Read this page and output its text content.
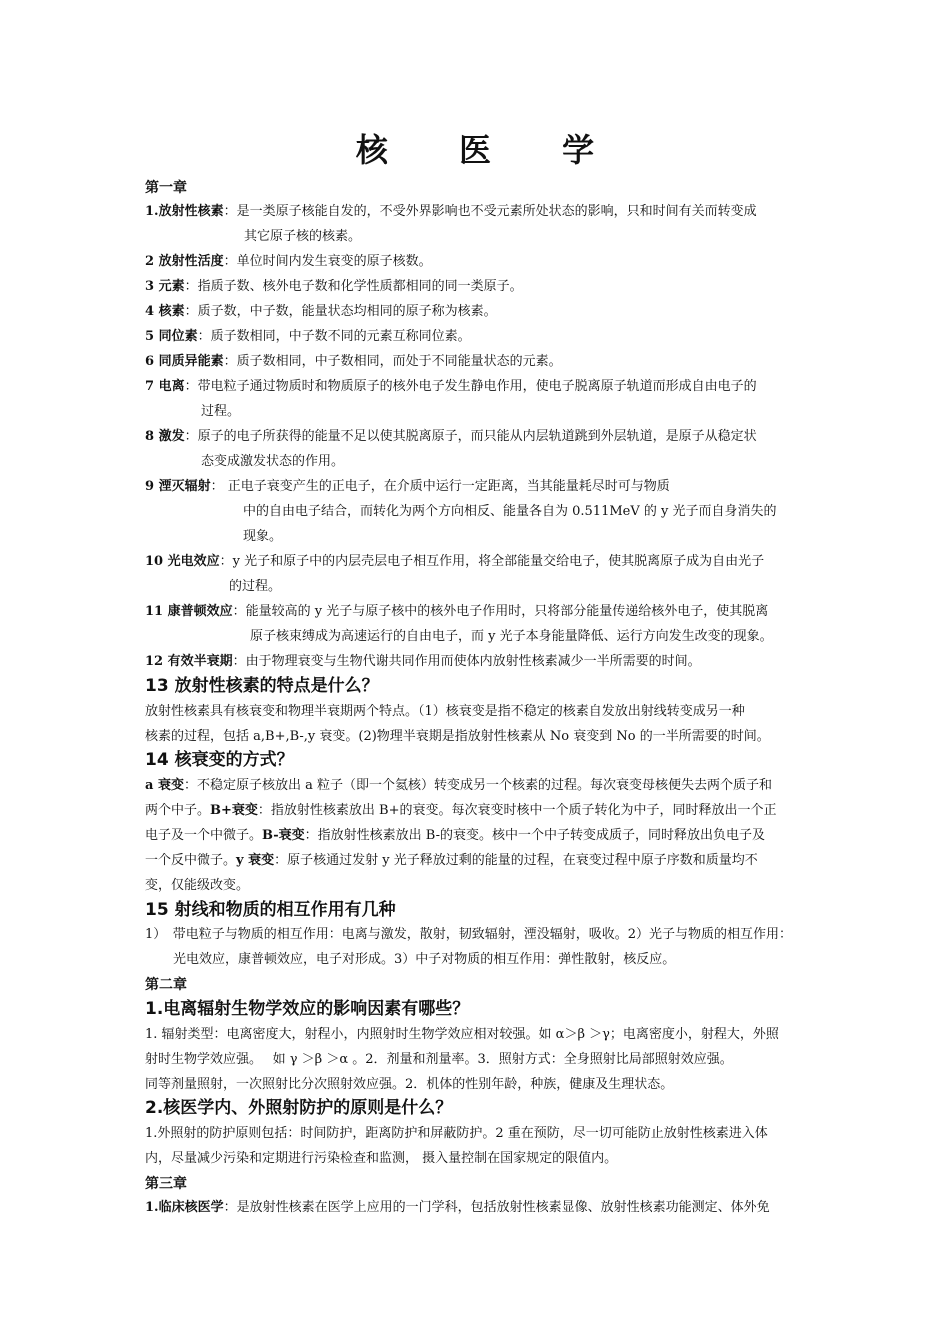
核 医 学
第一章
1.放射性核素：是一类原子核能自发的，不受外界影响也不受元素所处状态的影响，只和时间有关而转变成
其它原子核的核素。
2 放射性活度：单位时间内发生衰变的原子核数。
3 元素：指质子数、核外电子数和化学性质都相同的同一类原子。
4 核素：质子数，中子数，能量状态均相同的原子称为核素。
5 同位素：质子数相同，中子数不同的元素互称同位素。
6 同质异能素：质子数相同，中子数相同，而处于不同能量状态的元素。
7 电离：带电粒子通过物质时和物质原子的核外电子发生静电作用，使电子脱离原子轨道而形成自由电子的
过程。
8 激发：原子的电子所获得的能量不足以使其脱离原子，而只能从内层轨道跳到外层轨道，是原子从稳定状
态变成激发状态的作用。
9 湮灭辐射： 正电子衰变产生的正电子，在介质中运行一定距离，当其能量耗尽时可与物质
中的自由电子结合，而转化为两个方向相反、能量各自为 0.511MeV 的 y 光子而自身消失的
现象。
10 光电效应：y 光子和原子中的内层壳层电子相互作用，将全部能量交给电子，使其脱离原子成为自由光子
的过程。
11 康普顿效应：能量较高的 y 光子与原子核中的核外电子作用时，只将部分能量传递给核外电子，使其脱离
原子核束缚成为高速运行的自由电子，而 y 光子本身能量降低、运行方向发生改变的现象。
12 有效半衰期：由于物理衰变与生物代谢共同作用而使体内放射性核素减少一半所需要的时间。
13 放射性核素的特点是什么？
放射性核素具有核衰变和物理半衰期两个特点。（1）核衰变是指不稳定的核素自发放出射线转变成另一种
核素的过程，包括 a,B+,B-,y 衰变。(2)物理半衰期是指放射性核素从 No 衰变到 No 的一半所需要的时间。
14 核衰变的方式？
a 衰变：不稳定原子核放出 a 粒子（即一个氦核）转变成另一个核素的过程。每次衰变母核便失去两个质子和
两个中子。B+衰变：指放射性核素放出 B+的衰变。每次衰变时核中一个质子转化为中子，同时释放出一个正
电子及一个中微子。B-衰变：指放射性核素放出 B-的衰变。核中一个中子转变成质子，同时释放出负电子及
一个反中微子。y 衰变：原子核通过发射 y 光子释放过剩的能量的过程，在衰变过程中原子序数和质量均不
变，仅能级改变。
15 射线和物质的相互作用有几种
1）　带电粒子与物质的相互作用：电离与激发，散射，韧致辐射，湮没辐射，吸收。2）光子与物质的相互作用：
光电效应，康普顿效应，电子对形成。3）中子对物质的相互作用：弹性散射，核反应。
第二章
1.电离辐射生物学效应的影响因素有哪些？
1. 辐射类型：电离密度大，射程小，内照射时生物学效应相对较强。如 α＞β ＞γ；电离密度小，射程大，外照
射时生物学效应强。　 如 γ ＞β ＞α 。2．剂量和剂量率。3．照射方式：全身照射比局部照射效应强。
同等剂量照射，一次照射比分次照射效应强。2．机体的性别年龄，种族，健康及生理状态。
2.核医学内、外照射防护的原则是什么？
1.外照射的防护原则包括：时间防护，距离防护和屏蔽防护。2 重在预防，尽一切可能防止放射性核素进入体
内，尽量减少污染和定期进行污染检查和监测， 摄入量控制在国家规定的限值内。
第三章
1.临床核医学：是放射性核素在医学上应用的一门学科，包括放射性核素显像、放射性核素功能测定、体外免
